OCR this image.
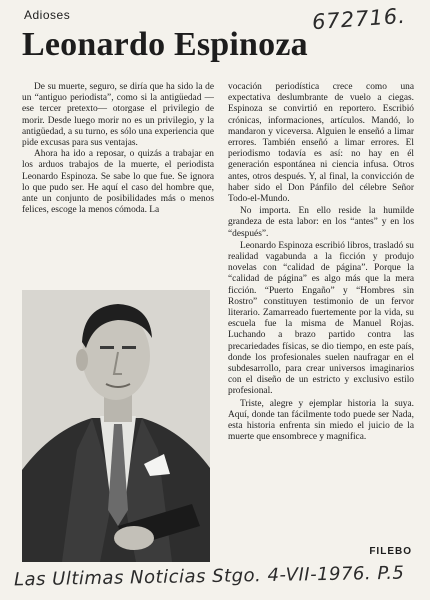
672716.
Adioses
Leonardo Espinoza

De su muerte, seguro, se diría que ha sido la de un “antiguo periodista”, como si la antigüedad —ese tercer pretexto— otorgase el privilegio de morir. Desde luego morir no es un privilegio, y la antigüedad, a su turno, es sólo una experiencia que pide excusas para sus ventajas.

Ahora ha ido a reposar, o quizás a trabajar en los arduos trabajos de la muerte, el periodista Leonardo Espinoza. Se sabe lo que fue. Se ignora lo que pudo ser. He aquí el caso del hombre que, ante un conjunto de posibilidades más o menos felices, escoge la menos cómoda. La

vocación periodística crece como una expectativa deslumbrante de vuelo a ciegas. Espinoza se convirtió en reportero. Escribió crónicas, informaciones, artículos. Mandó, lo mandaron y viceversa. Alguien le enseñó a limar errores. También enseñó a limar errores. El periodismo todavía es así: no hay en él generación espontánea ni ciencia infusa. Otros antes, otros después. Y, al final, la convicción de haber sido el Don Pánfilo del célebre Señor Todo-el-Mundo.

No importa. En ello reside la humilde grandeza de esta labor: en los “antes” y en los “después”.

Leonardo Espinoza escribió libros, trasladó su realidad vagabunda a la ficción y produjo novelas con “calidad de página”. Porque la “calidad de página” es algo más que la mera ficción. “Puerto Engaño” y “Hombres sin Rostro” constituyen testimonio de un fervor literario. Zamarreado fuertemente por la vida, su escuela fue la misma de Manuel Rojas. Luchando a brazo partido contra las precariedades físicas, se dio tiempo, en este país, donde los profesionales suelen naufragar en el subdesarrollo, para crear universos imaginarios con el diseño de un estricto y exclusivo estilo profesional.

Triste, alegre y ejemplar historia la suya. Aquí, donde tan fácilmente todo puede ser Nada, esta historia enfrenta sin miedo el juicio de la muerte que ensombrece y magnifica.

FILEBO
Las Ultimas Noticias Stgo. 4-VII-1976. P.5
